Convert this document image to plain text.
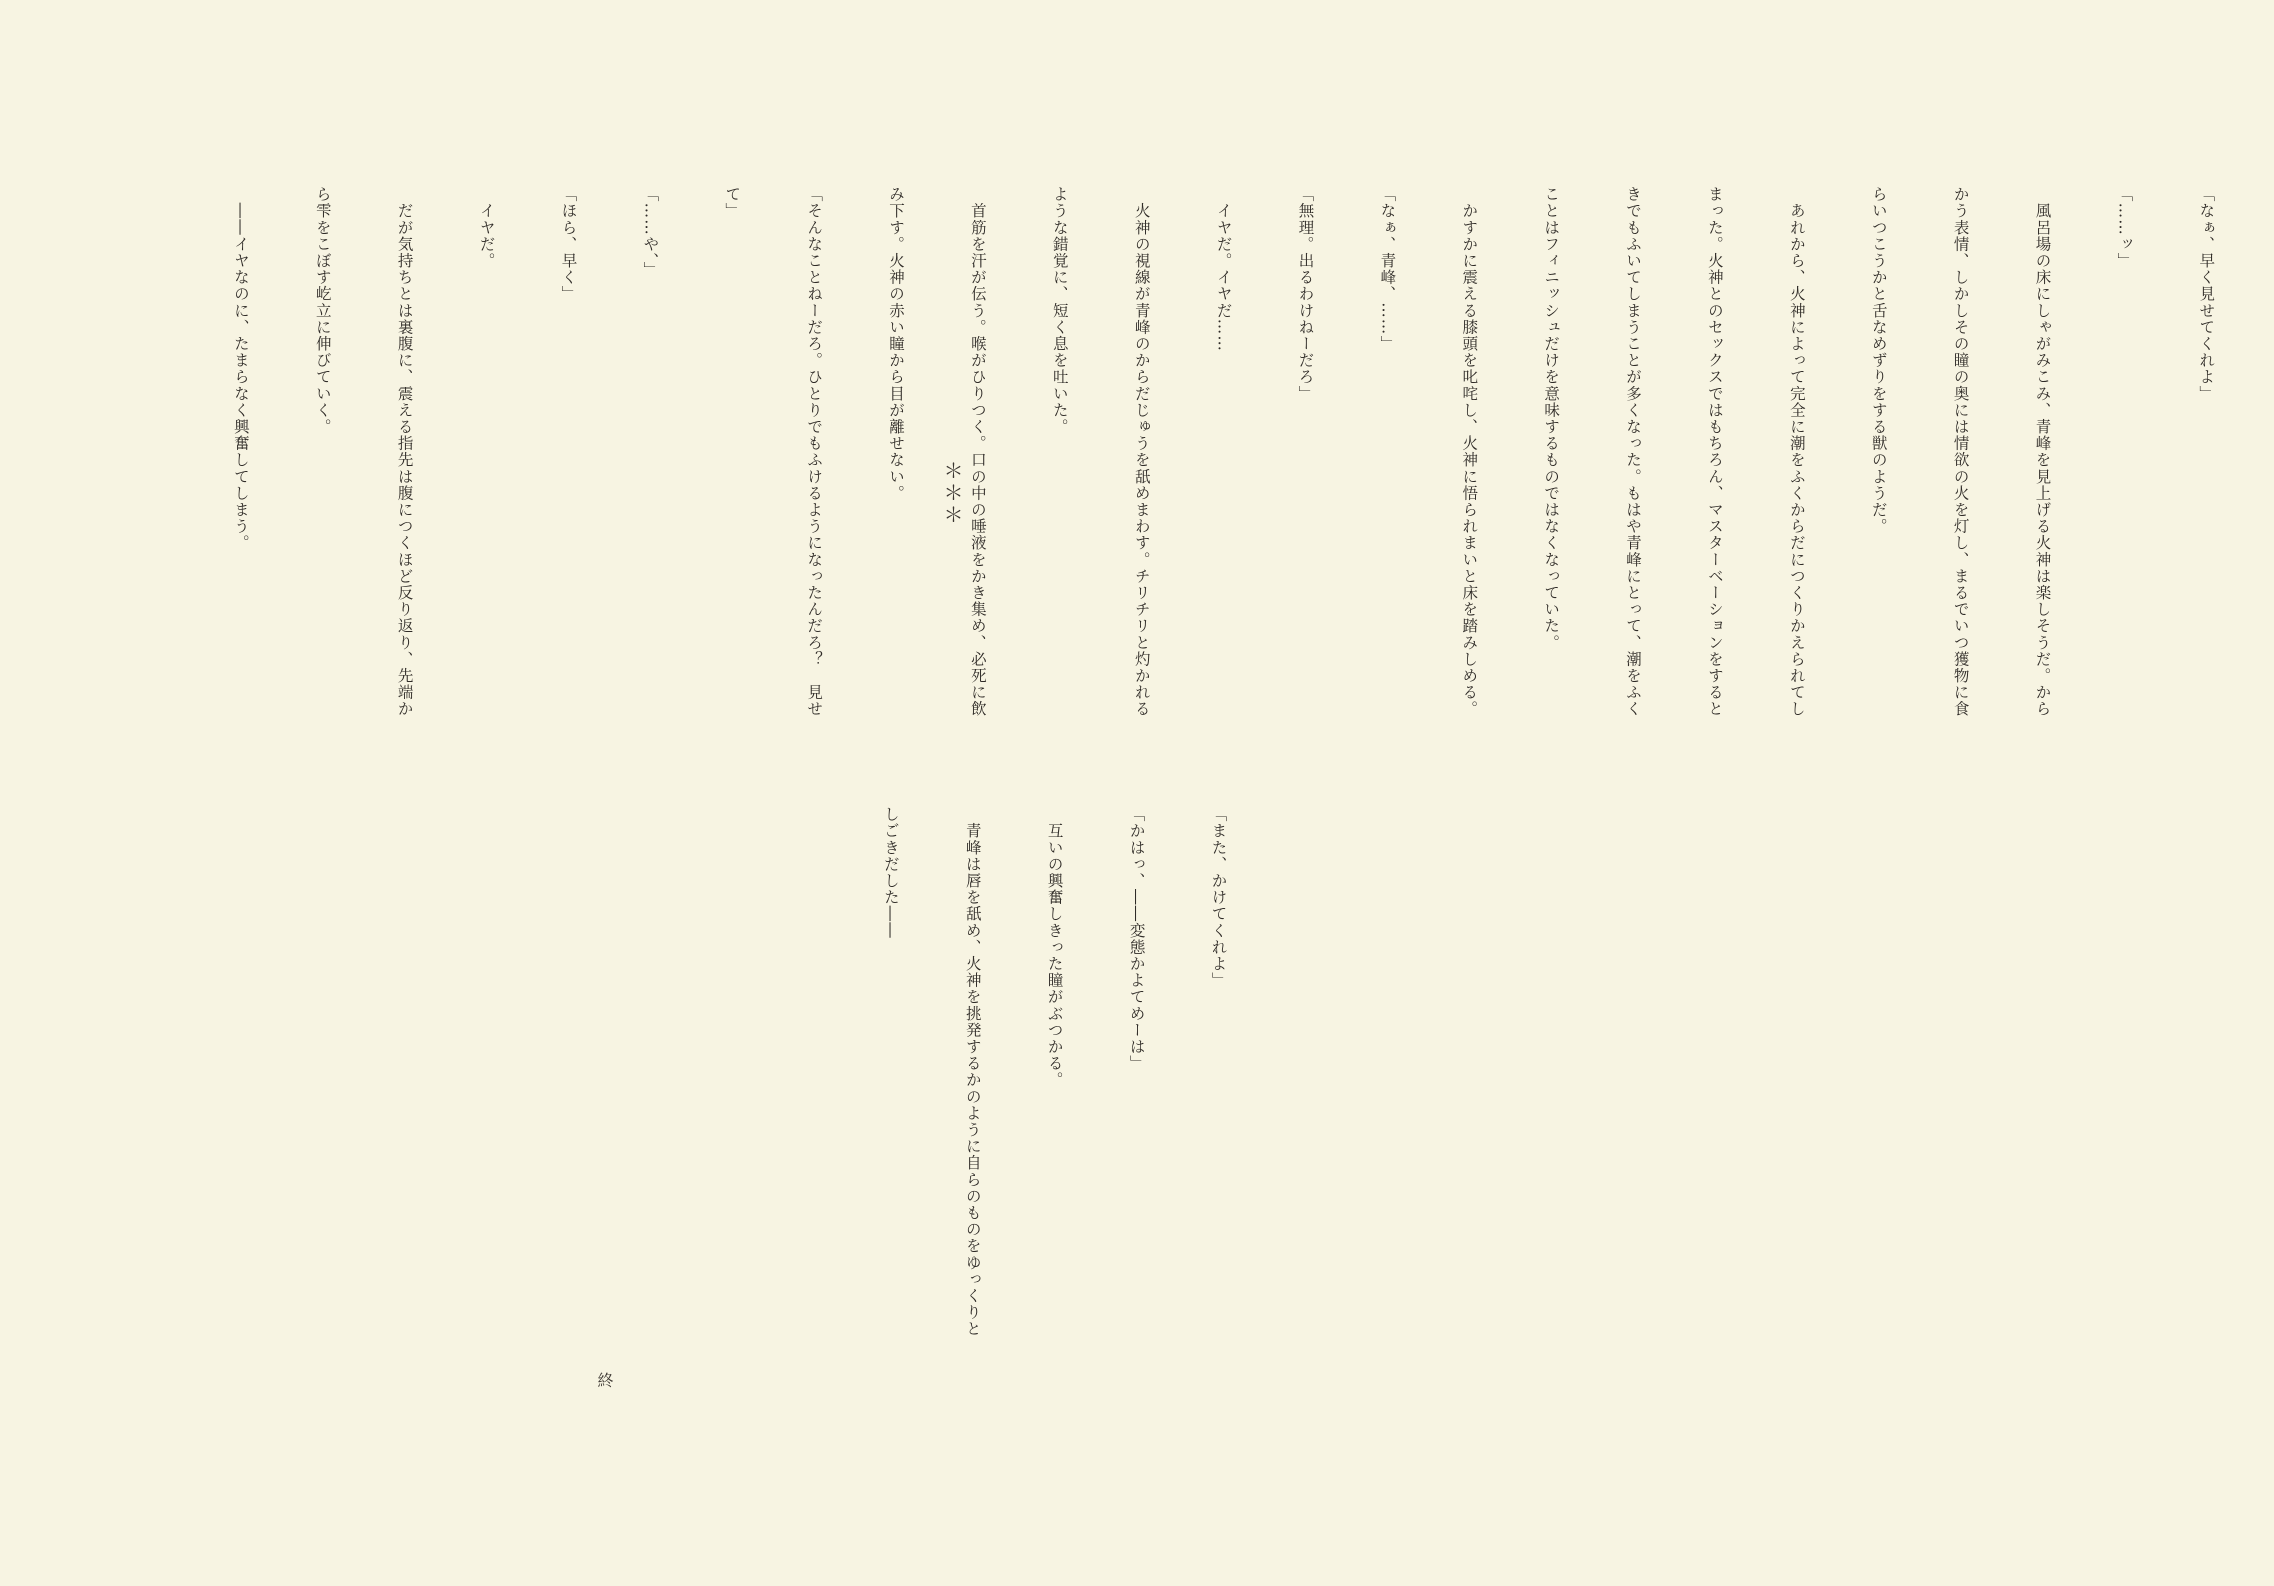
＊＊＊

「なぁ、早く見せてくれよ」

「……ッ」

　風呂場の床にしゃがみこみ、青峰を見上げる火神は楽しそうだ。から

かう表情、しかしその瞳の奥には情欲の火を灯し、まるでいつ獲物に食

らいつこうかと舌なめずりをする獣のようだ。

　あれから、火神によって完全に潮をふくからだにつくりかえられてし

まった。火神とのセックスではもちろん、マスターベーションをすると

きでもふいてしまうことが多くなった。もはや青峰にとって、潮をふく

ことはフィニッシュだけを意味するものではなくなっていた。

　かすかに震える膝頭を叱咤し、火神に悟られまいと床を踏みしめる。

「なぁ、青峰、……」

「無理。出るわけねーだろ」

　イヤだ。イヤだ……

　火神の視線が青峰のからだじゅうを舐めまわす。チリチリと灼かれる

ような錯覚に、短く息を吐いた。

　首筋を汗が伝う。喉がひりつく。口の中の唾液をかき集め、必死に飲

み下す。火神の赤い瞳から目が離せない。

「そんなことねーだろ。ひとりでもふけるようになったんだろ？　見せ

て」

「……や、」

「ほら、早く」

　イヤだ。

　だが気持ちとは裏腹に、震える指先は腹につくほど反り返り、先端か

ら雫をこぼす屹立に伸びていく。

　――イヤなのに、たまらなく興奮してしまう。

「また、かけてくれよ」

「かはっ、――変態かよてめーは」

　互いの興奮しきった瞳がぶつかる。

　青峰は唇を舐め、火神を挑発するかのように自らのものをゆっくりと

しごきだした――

終
